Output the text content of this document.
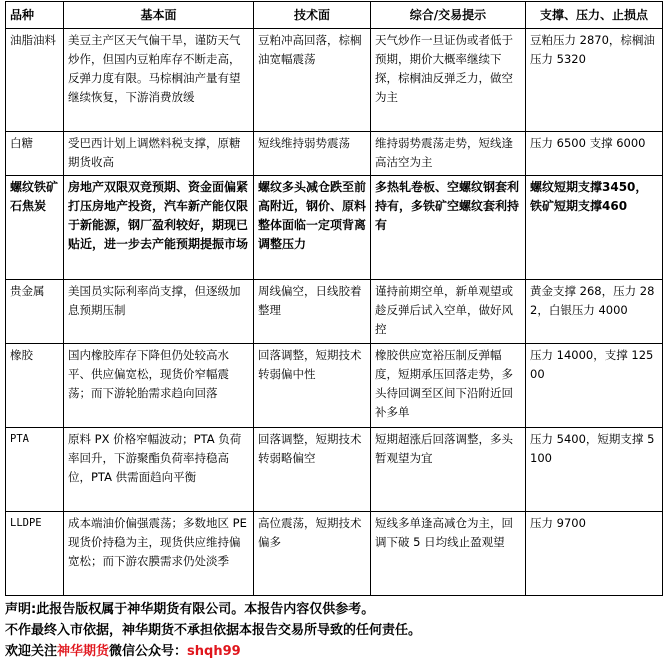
品种	基本面	技术面	综合/交易提示	支撑、压力、止损点
油脂油料	美豆主产区天气偏干旱，谨防天气炒作，但国内豆粕库存不断走高，反弹力度有限。马棕榈油产量有望继续恢复，下游消费放缓	豆粕冲高回落，棕榈油宽幅震荡	天气炒作一旦证伪或者低于预期，期价大概率继续下探，棕榈油反弹乏力，做空为主	豆粕压力 2870，棕榈油压力 5320
白糖	受巴西计划上调燃料税支撑，原糖期货收高	短线维持弱势震荡	维持弱势震荡走势，短线逢高沽空为主	压力 6500 支撑 6000
螺纹铁矿石焦炭	房地产双限双竞预期、资金面偏紧打压房地产投资，汽车新产能仅限于新能源，钢厂盈利较好，期现已贴近，进一步去产能预期提振市场	螺纹多头减仓跌至前高附近，钢价、原料整体面临一定项背离调整压力	多热轧卷板、空螺纹钢套利持有，多铁矿空螺纹套利持有	螺纹短期支撑3450，铁矿短期支撑460
贵金属	美国员实际利率尚支撑，但逐级加息预期压制	周线偏空，日线胶着整理	谨持前期空单，新单观望或趁反弹后试入空单，做好风控	黄金支撑 268，压力 282，白银压力 4000
橡胶	国内橡胶库存下降但仍处较高水平、供应偏宽松，现货价窄幅震荡；而下游轮胎需求趋向回落	回落调整，短期技术转弱偏中性	橡胶供应宽裕压制反弹幅度，短期承压回落走势，多头待回调至区间下沿附近回补多单	压力 14000，支撑 12500
PTA	原料 PX 价格窄幅波动；PTA 负荷率回升，下游聚酯负荷率持稳高位，PTA 供需面趋向平衡	回落调整，短期技术转弱略偏空	短期超涨后回落调整，多头暂观望为宜	压力 5400，短期支撑 5100
LLDPE	成本端油价偏强震荡；多数地区 PE 现货价持稳为主，现货供应维持偏宽松；而下游农膜需求仍处淡季	高位震荡，短期技术偏多	短线多单逢高减仓为主，回调下破 5 日均线止盈观望	压力 9700
声明:此报告版权属于神华期货有限公司。本报告内容仅供参考。
不作最终入市依据，神华期货不承担依据本报告交易所导致的任何责任。
欢迎关注神华期货微信公众号：shqh99
